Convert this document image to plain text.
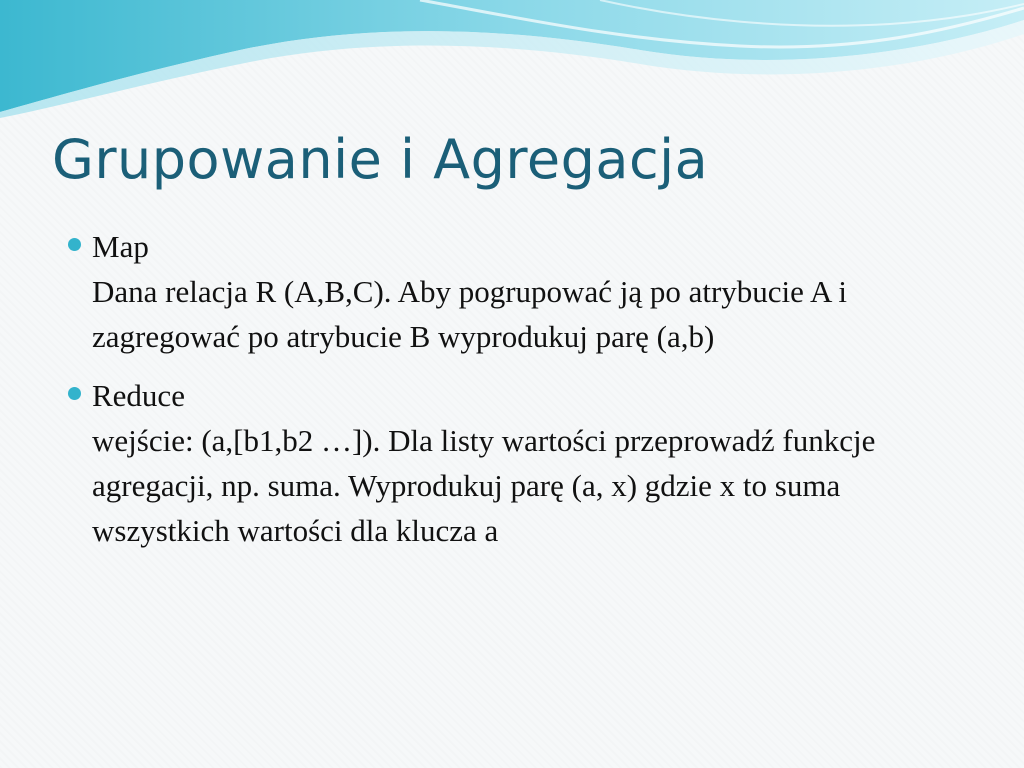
Grupowanie i Agregacja
Map
Dana relacja R (A,B,C). Aby pogrupować ją po atrybucie A i zagregować po atrybucie B wyprodukuj parę (a,b)
Reduce
wejście: (a,[b1,b2 …]). Dla listy wartości przeprowadź funkcje agregacji, np. suma. Wyprodukuj parę (a, x) gdzie x to suma wszystkich wartości dla klucza a
